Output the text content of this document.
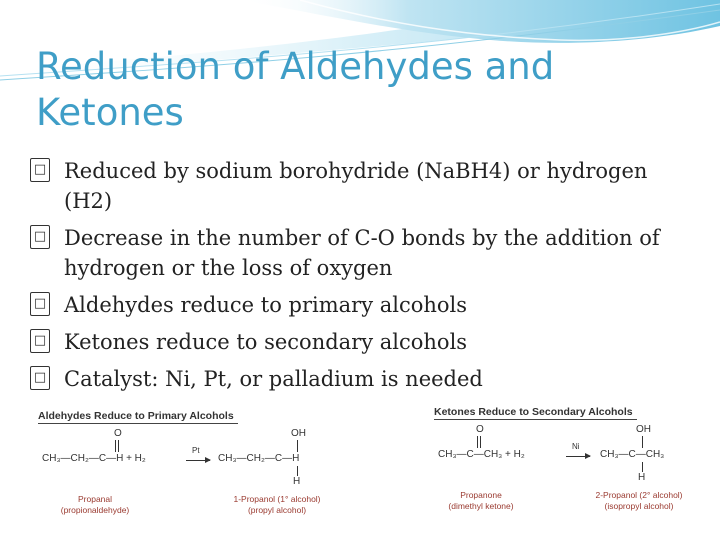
Reduction of Aldehydes and Ketones
□ Reduced by sodium borohydride (NaBH4) or hydrogen (H2)
□ Decrease in the number of C-O bonds by the addition of hydrogen or the loss of oxygen
□ Aldehydes reduce to primary alcohols
□ Ketones reduce to secondary alcohols
□ Catalyst: Ni, Pt, or palladium is needed
Aldehydes Reduce to Primary Alcohols
O
CH₃—CH₂—C—H + H₂
Pt
OH
CH₃—CH₂—C—H
H
Propanal
(propionaldehyde)
1-Propanol (1° alcohol)
(propyl alcohol)
Ketones Reduce to Secondary Alcohols
O
CH₃—C—CH₃ + H₂
Ni
OH
CH₃—C—CH₃
H
Propanone
(dimethyl ketone)
2-Propanol (2° alcohol)
(isopropyl alcohol)
